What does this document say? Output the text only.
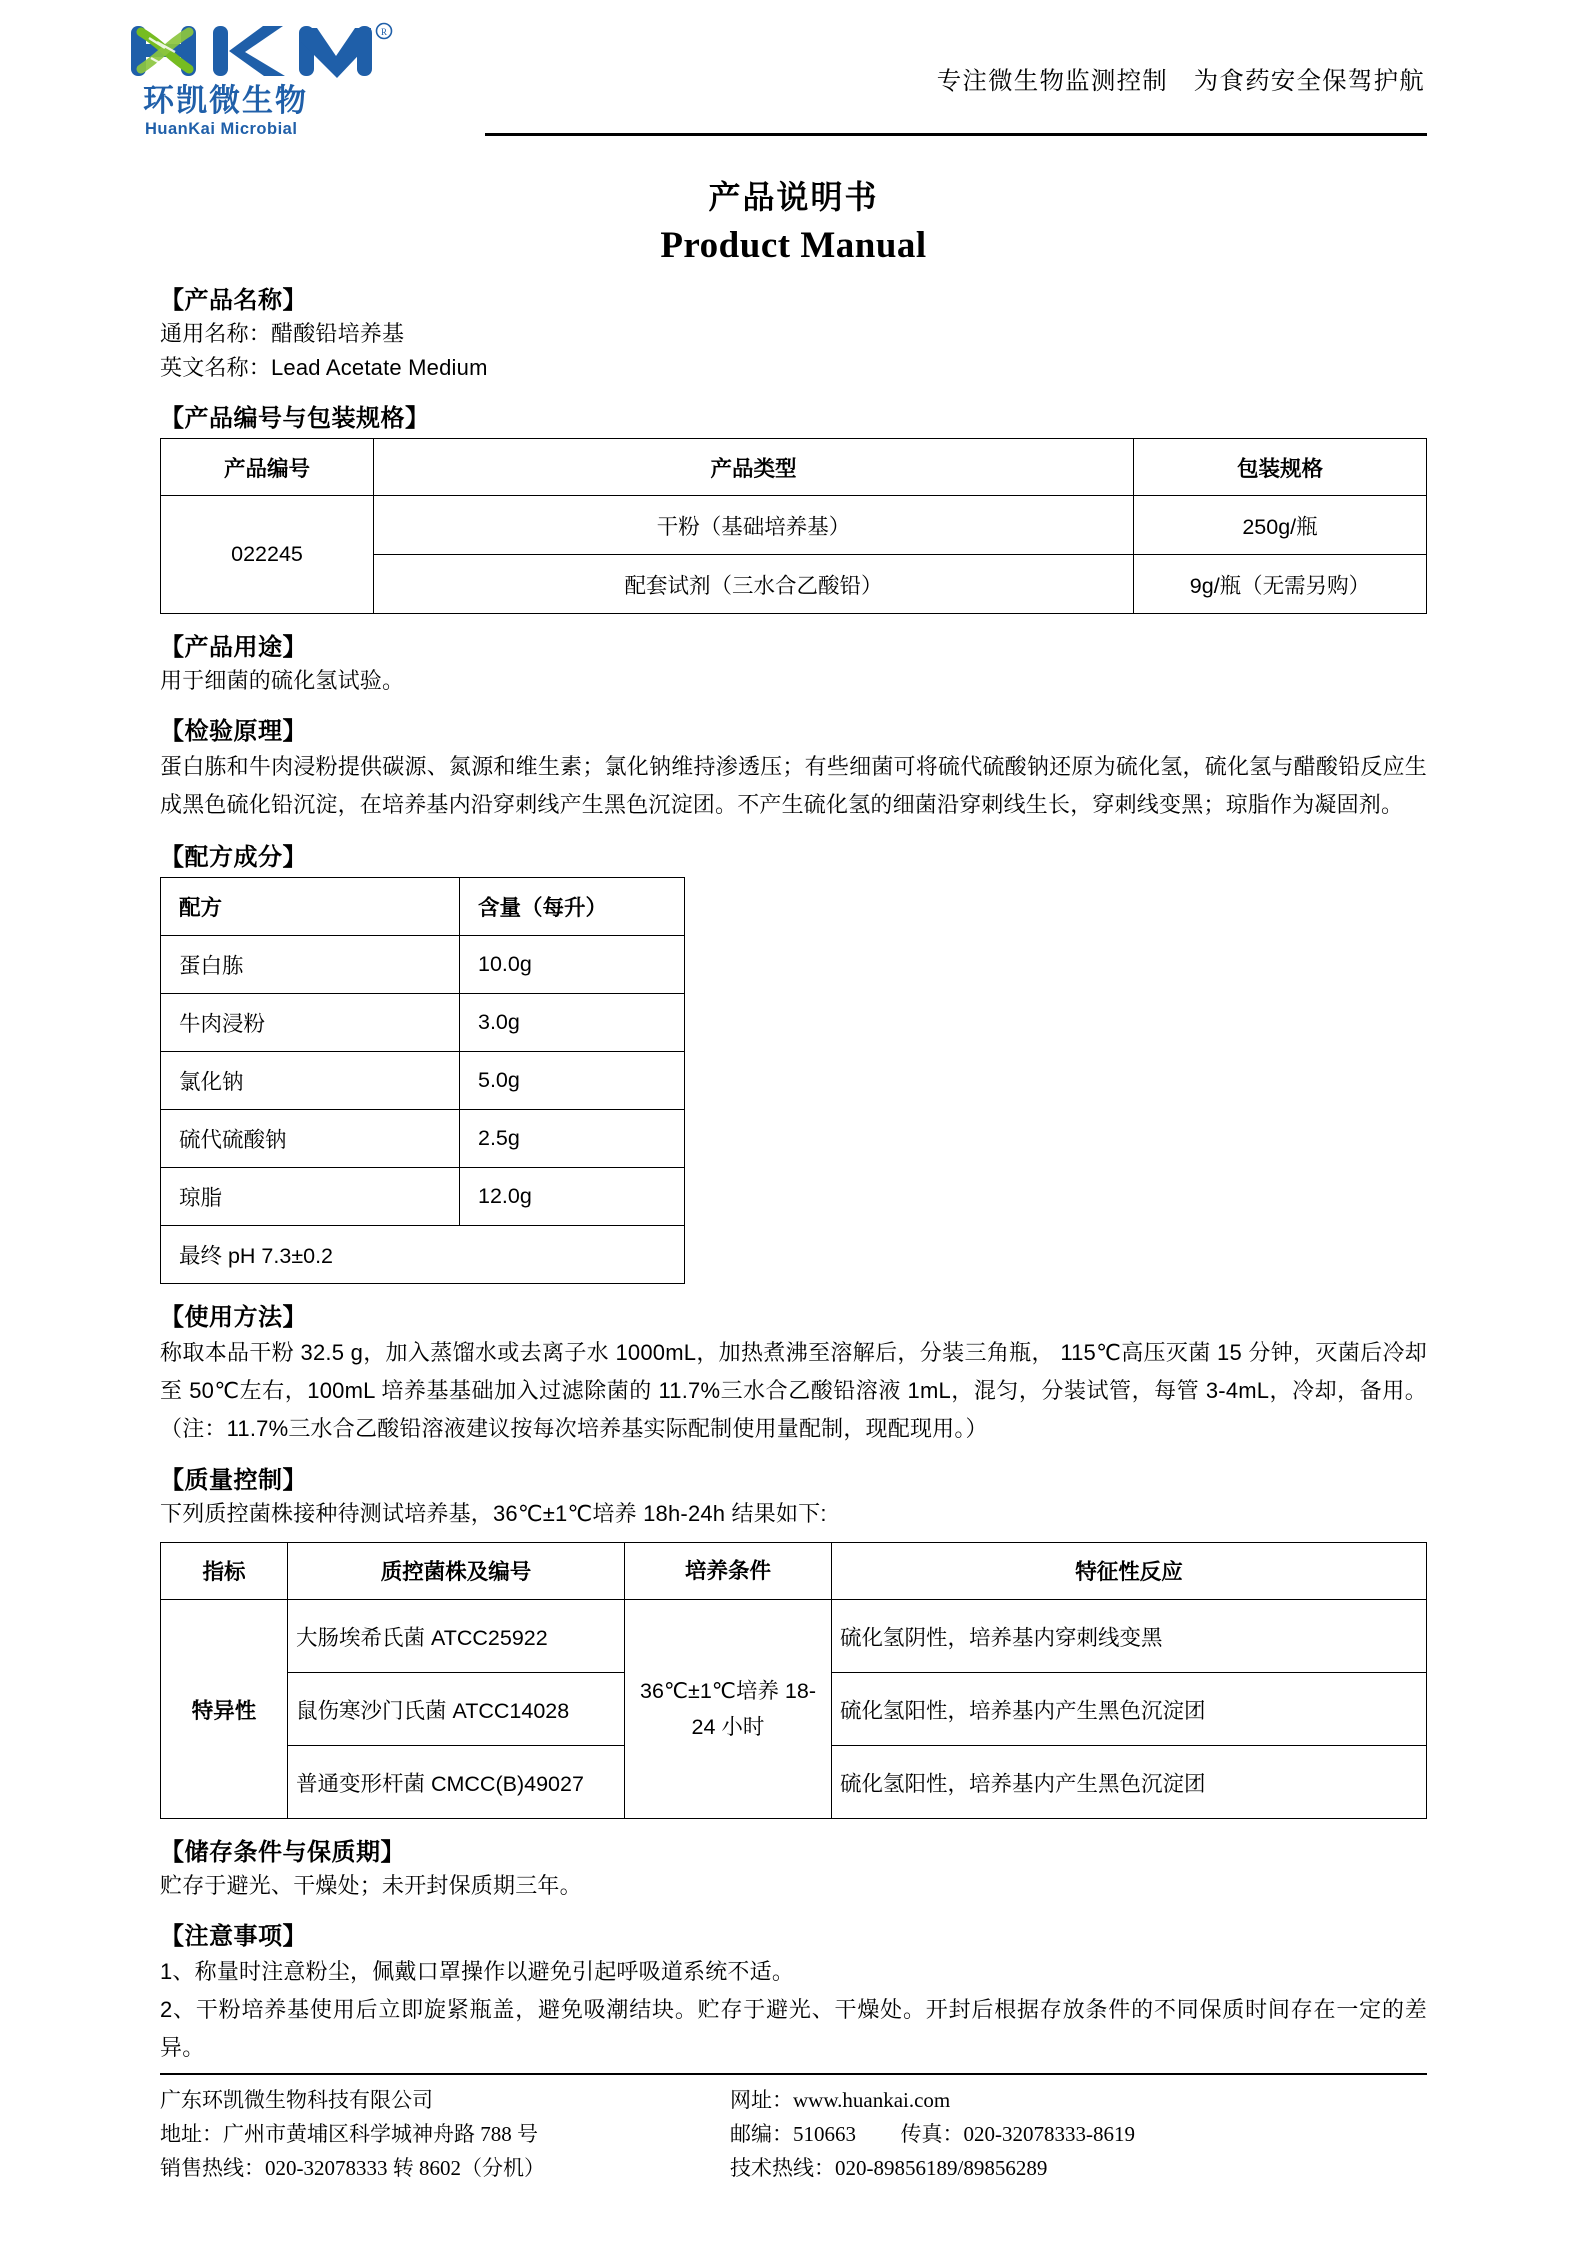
R
环凯微生物
HuanKai Microbial
专注微生物监测控制　为食药安全保驾护航
产品说明书
Product Manual
【产品名称】
通用名称：醋酸铅培养基
英文名称：Lead Acetate Medium
【产品编号与包装规格】
产品编号	产品类型	包装规格
022245	干粉（基础培养基）	250g/瓶
	配套试剂（三水合乙酸铅）	9g/瓶（无需另购）
【产品用途】
用于细菌的硫化氢试验。
【检验原理】
蛋白胨和牛肉浸粉提供碳源、氮源和维生素；氯化钠维持渗透压；有些细菌可将硫代硫酸钠还原为硫化氢，硫化氢与醋酸铅反应生成黑色硫化铅沉淀，在培养基内沿穿刺线产生黑色沉淀团。不产生硫化氢的细菌沿穿刺线生长，穿刺线变黑；琼脂作为凝固剂。
【配方成分】
配方	含量（每升）
蛋白胨	10.0g
牛肉浸粉	3.0g
氯化钠	5.0g
硫代硫酸钠	2.5g
琼脂	12.0g
最终 pH 7.3±0.2	
【使用方法】
称取本品干粉 32.5 g，加入蒸馏水或去离子水 1000mL，加热煮沸至溶解后，分装三角瓶， 115℃高压灭菌 15 分钟，灭菌后冷却至 50℃左右，100mL 培养基基础加入过滤除菌的 11.7%三水合乙酸铅溶液 1mL，混匀，分装试管，每管 3-4mL，冷却，备用。（注：11.7%三水合乙酸铅溶液建议按每次培养基实际配制使用量配制，现配现用。）
【质量控制】
下列质控菌株接种待测试培养基，36℃±1℃培养 18h-24h 结果如下:
指标	质控菌株及编号	培养条件	特征性反应
特异性	大肠埃希氏菌 ATCC25922	36℃±1℃培养 18-24 小时	硫化氢阴性，培养基内穿刺线变黑
	鼠伤寒沙门氏菌 ATCC14028		硫化氢阳性，培养基内产生黑色沉淀团
	普通变形杆菌 CMCC(B)49027		硫化氢阳性，培养基内产生黑色沉淀团
【储存条件与保质期】
贮存于避光、干燥处；未开封保质期三年。
【注意事项】
1、称量时注意粉尘，佩戴口罩操作以避免引起呼吸道系统不适。
2、干粉培养基使用后立即旋紧瓶盖，避免吸潮结块。贮存于避光、干燥处。开封后根据存放条件的不同保质时间存在一定的差异。
广东环凯微生物科技有限公司
地址：广州市黄埔区科学城神舟路 788 号
销售热线：020-32078333 转 8602（分机）
网址：www.huankai.com
邮编：510663 传真：020-32078333-8619
技术热线：020-89856189/89856289
